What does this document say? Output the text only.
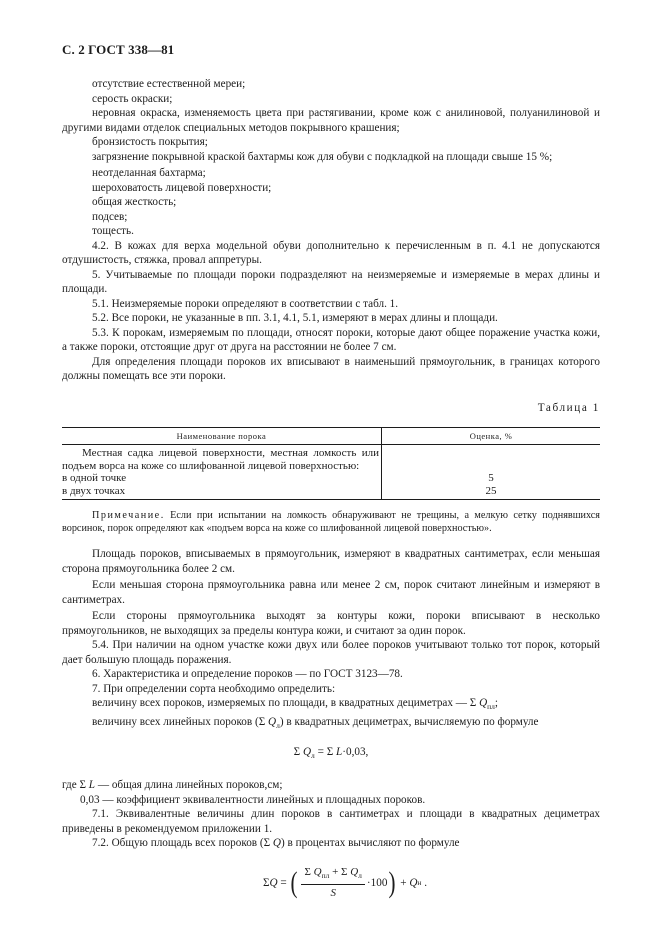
С. 2 ГОСТ 338—81

отсутствие естественной мереи;

серость окраски;

неровная окраска, изменяемость цвета при растягивании, кроме кож с анилиновой, полуанилиновой и другими видами отделок специальных методов покрывного крашения;

бронзистость покрытия;

загрязнение покрывной краской бахтармы кож для обуви с подкладкой на площади свыше 15 %;

неотделанная бахтарма;

шероховатость лицевой поверхности;

общая жесткость;

подсев;

тощесть.

4.2. В кожах для верха модельной обуви дополнительно к перечисленным в п. 4.1 не допускаются отдушистость, стяжка, провал аппретуры.

5. Учитываемые по площади пороки подразделяют на неизмеряемые и измеряемые в мерах длины и площади.

5.1. Неизмеряемые пороки определяют в соответствии с табл. 1.

5.2. Все пороки, не указанные в пп. 3.1, 4.1, 5.1, измеряют в мерах длины и площади.

5.3. К порокам, измеряемым по площади, относят пороки, которые дают общее поражение участка кожи, а также пороки, отстоящие друг от друга на расстоянии не более 7 см.

Для определения площади пороков их вписывают в наименьший прямоугольник, в границах которого должны помещать все эти пороки.

Таблица 1
Наименование порока	Оценка, %
Местная садка лицевой поверхности, местная ломкость или подъем ворса на коже со шлифованной лицевой поверхностью:	
в одной точке	5
в двух точках	25

Примечание. Если при испытании на ломкость обнаруживают не трещины, а мелкую сетку поднявшихся ворсинок, порок определяют как «подъем ворса на коже со шлифованной лицевой поверхностью».

Площадь пороков, вписываемых в прямоугольник, измеряют в квадратных сантиметрах, если меньшая сторона прямоугольника более 2 см.

Если меньшая сторона прямоугольника равна или менее 2 см, порок считают линейным и измеряют в сантиметрах.

Если стороны прямоугольника выходят за контуры кожи, пороки вписывают в несколько прямоугольников, не выходящих за пределы контура кожи, и считают за один порок.

5.4. При наличии на одном участке кожи двух или более пороков учитывают только тот порок, который дает большую площадь поражения.

6. Характеристика и определение пороков — по ГОСТ 3123—78.

7. При определении сорта необходимо определить:

величину всех пороков, измеряемых по площади, в квадратных дециметрах — Σ $Q_{пл}$;

величину всех линейных пороков (Σ $Q_л$) в квадратных дециметрах, вычисляемую по формуле

Σ $Q_л = \Sigma$ L·0,03,

где Σ L — общая длина линейных пороков,см;

0,03 — коэффициент эквивалентности линейных и площадных пороков.

7.1. Эквивалентные величины длин пороков в сантиметрах и площади в квадратных дециметрах приведены в рекомендуемом приложении 1.

7.2. Общую площадь всех пороков (Σ Q) в процентах вычисляют по формуле

Σ Q = ( $\frac{\Sigma Q_{пл} + \Sigma Q_л}{S} \cdot 100$ ) + Q н .
